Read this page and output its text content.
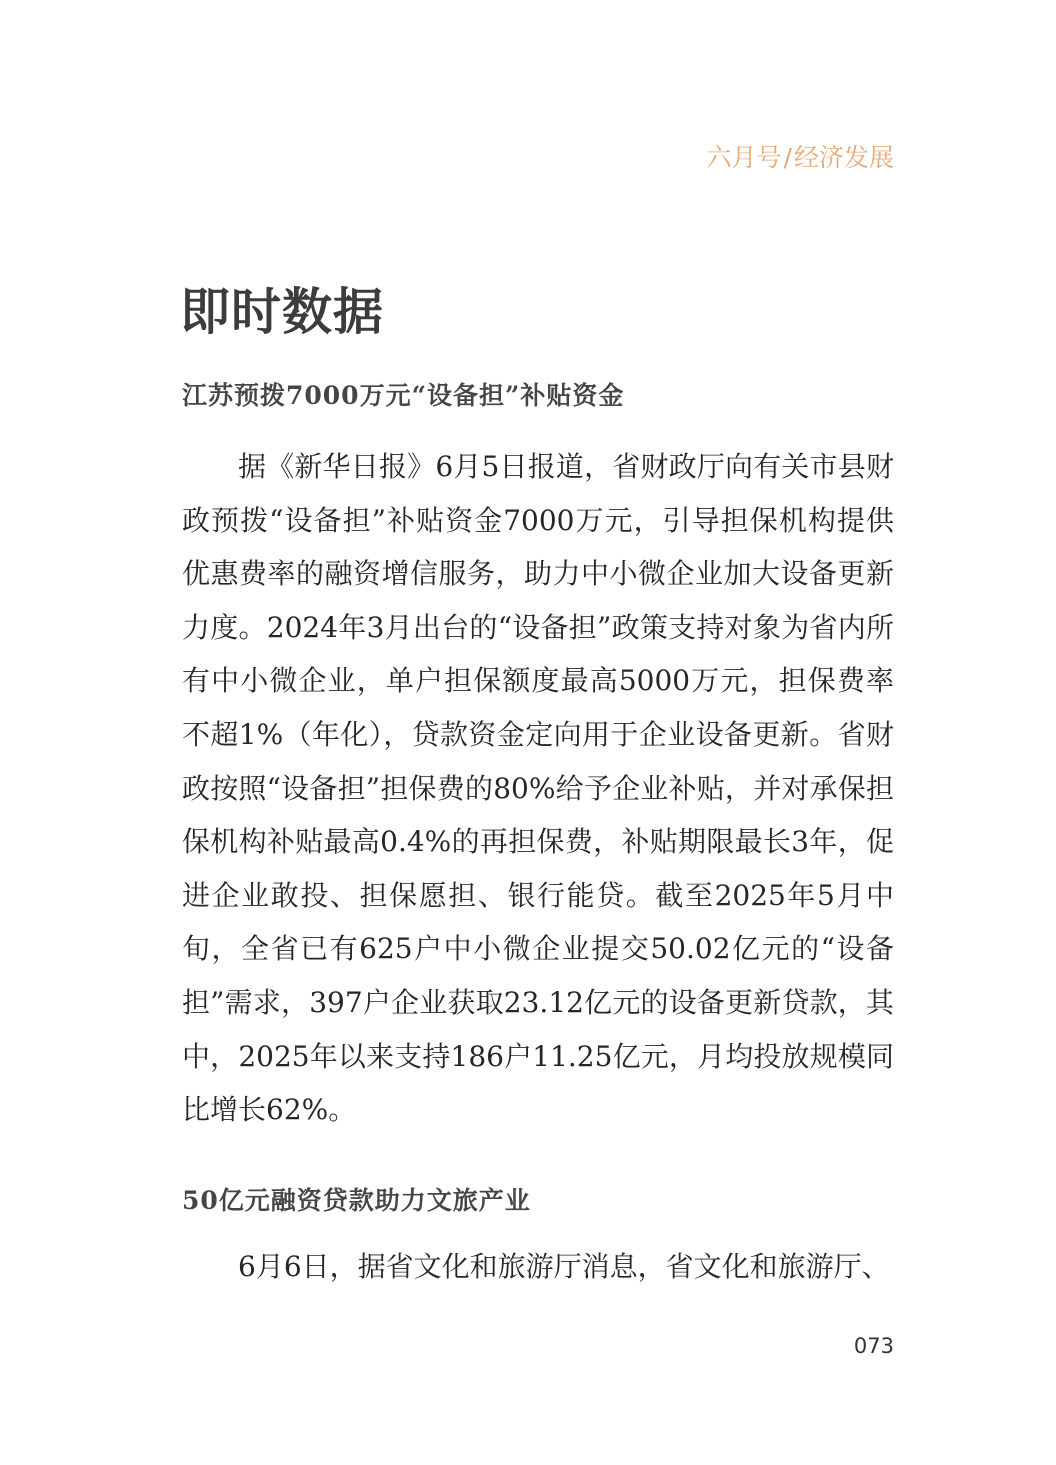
六月号/经济发展
即时数据
江苏预拨7000万元“设备担”补贴资金

据《新华日报》6月5日报道，省财政厅向有关市县财政预拨“设备担”补贴资金7000万元，引导担保机构提供优惠费率的融资增信服务，助力中小微企业加大设备更新力度。2024年3月出台的“设备担”政策支持对象为省内所有中小微企业，单户担保额度最高5000万元，担保费率不超1%（年化），贷款资金定向用于企业设备更新。省财政按照“设备担”担保费的80%给予企业补贴，并对承保担保机构补贴最高0.4%的再担保费，补贴期限最长3年，促进企业敢投、担保愿担、银行能贷。截至2025年5月中旬，全省已有625户中小微企业提交50.02亿元的“设备担”需求，397户企业获取23.12亿元的设备更新贷款，其中，2025年以来支持186户11.25亿元，月均投放规模同比增长62%。

50亿元融资贷款助力文旅产业

6月6日，据省文化和旅游厅消息，省文化和旅游厅、

073
